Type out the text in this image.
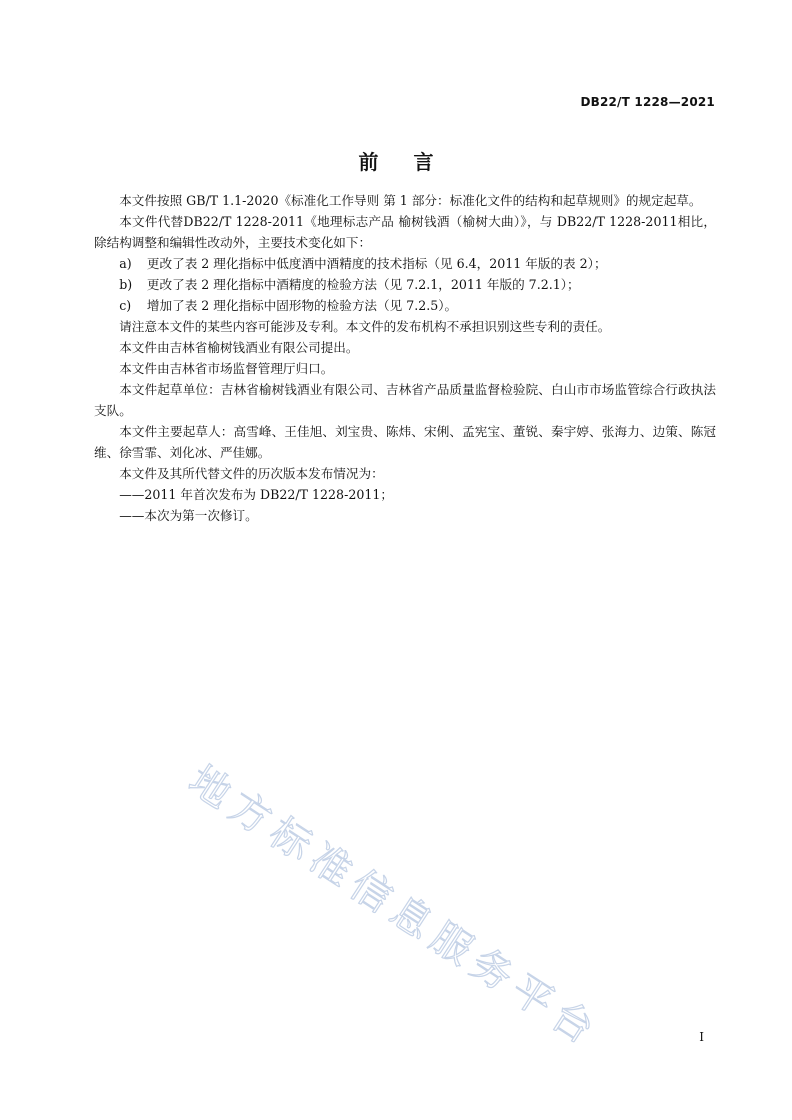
DB22/T 1228—2021
前 言

本文件按照 GB/T 1.1-2020《标准化工作导则 第 1 部分：标准化文件的结构和起草规则》的规定起草。

本文件代替DB22/T 1228-2011《地理标志产品 榆树钱酒（榆树大曲）》，与 DB22/T 1228-2011相比，除结构调整和编辑性改动外，主要技术变化如下：

a) 更改了表 2 理化指标中低度酒中酒精度的技术指标（见 6.4，2011 年版的表 2）；

b) 更改了表 2 理化指标中酒精度的检验方法（见 7.2.1，2011 年版的 7.2.1）；

c) 增加了表 2 理化指标中固形物的检验方法（见 7.2.5）。

请注意本文件的某些内容可能涉及专利。本文件的发布机构不承担识别这些专利的责任。

本文件由吉林省榆树钱酒业有限公司提出。

本文件由吉林省市场监督管理厅归口。

本文件起草单位：吉林省榆树钱酒业有限公司、吉林省产品质量监督检验院、白山市市场监管综合行政执法支队。

本文件主要起草人：高雪峰、王佳旭、刘宝贵、陈炜、宋俐、孟宪宝、董锐、秦宇婷、张海力、边策、陈冠维、徐雪霏、刘化冰、严佳娜。

本文件及其所代替文件的历次版本发布情况为：

——2011 年首次发布为 DB22/T 1228-2011；

——本次为第一次修订。

地方标准信息服务平台	I
